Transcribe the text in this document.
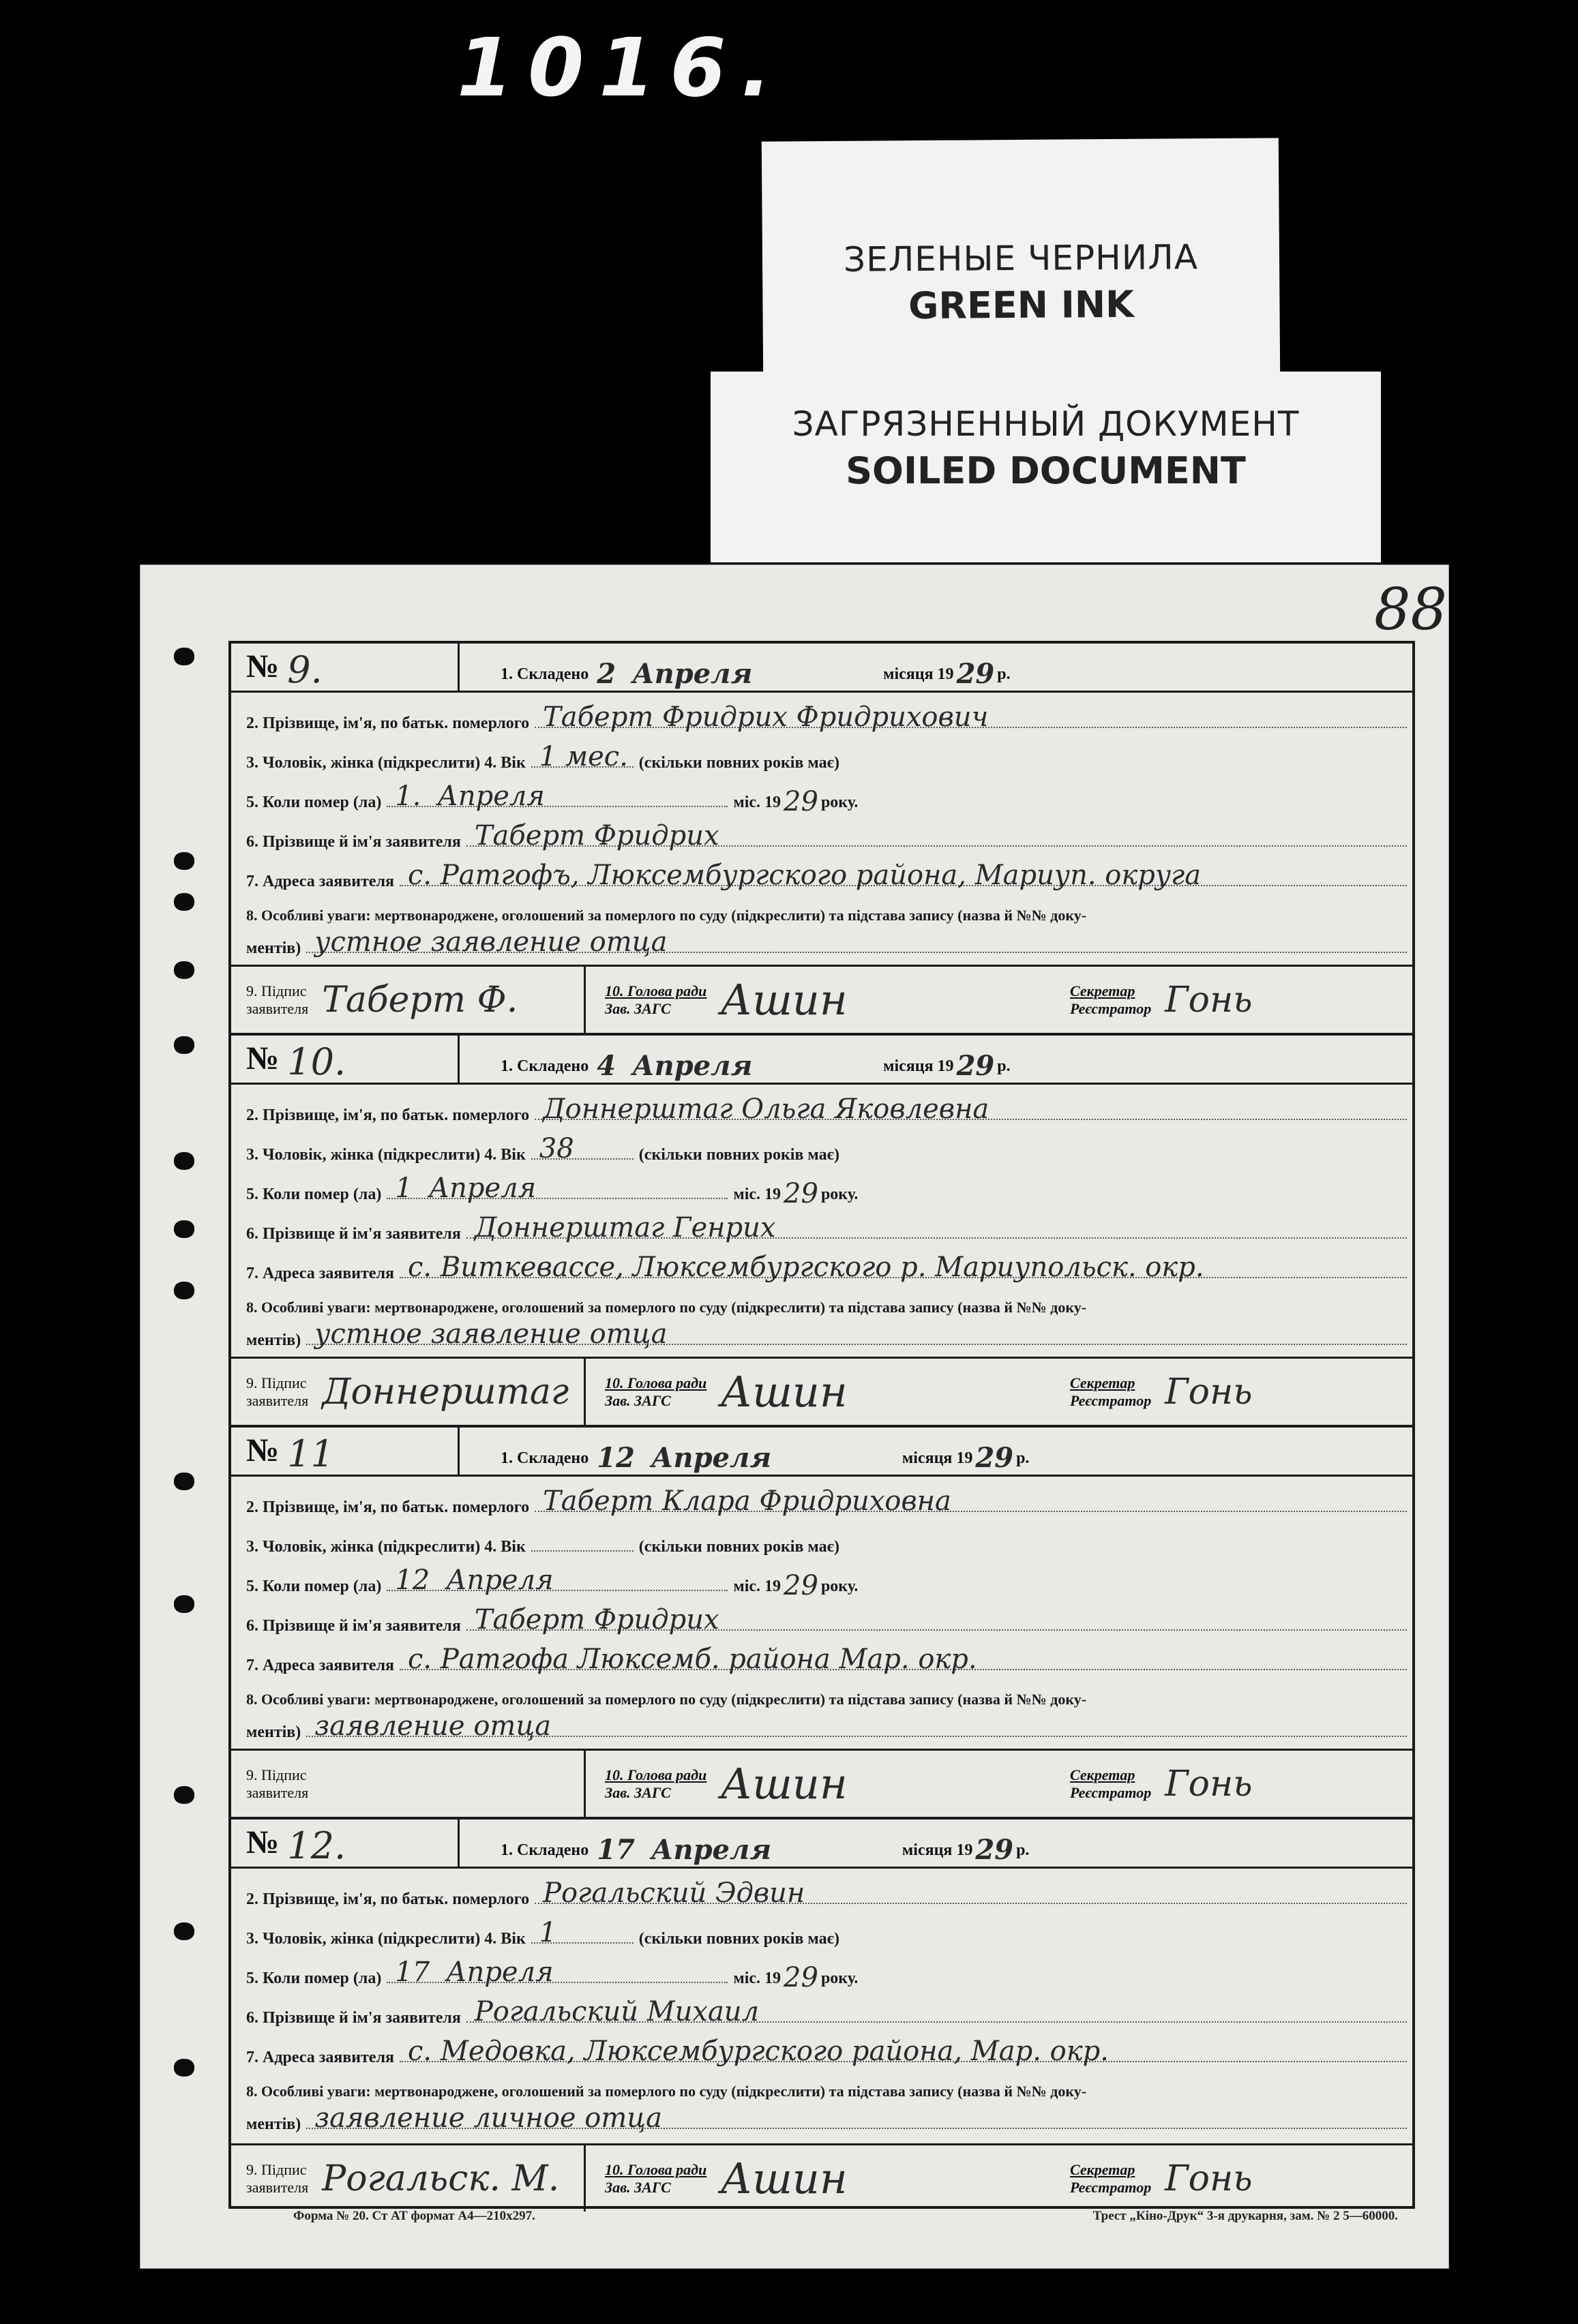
1016.
ЗЕЛЕНЫЕ ЧЕРНИЛА
GREEN INK
ЗАГРЯЗНЕННЫЙ ДОКУМЕНТ
SOILED DOCUMENT
88
№ 9.	1. Складено 2 Апреля	місяця 19 29 р.
2. Прізвище, ім'я, по батьк. померлого Таберт Фридрих Фридрихович
3. Чоловік, жінка (підкреслити) 4. Вік 1 мес. (скільки повних років має)
5. Коли помер (ла) 1. Апреля	міс. 19 29 року.
6. Прізвище й ім'я заявителя Таберт Фридрих
7. Адреса заявителя с. Ратгофъ, Люксембургского района, Мариуп. округа
8. Особливі уваги: мертвонароджене, оголошений за померлого по суду (підкреслити) та підстава запису (назва й №№ доку-
ментів) устное заявление отца
9. Підпис
заявителя Таберт Ф.	10. Голова ради
Зав. ЗАГС	Ашин	Секретар
Реєстратор Гонь
№ 10.	1. Складено 4 Апреля	місяця 19 29 р.
2. Прізвище, ім'я, по батьк. померлого Доннерштаг Ольга Яковлевна
3. Чоловік, жінка (підкреслити) 4. Вік 38	(скільки повних років має)
5. Коли помер (ла) 1 Апреля	міс. 19 29 року.
6. Прізвище й ім'я заявителя Доннерштаг Генрих
7. Адреса заявителя с. Виткевассе, Люксембургского р. Мариупольск. окр.
8. Особливі уваги: мертвонароджене, оголошений за померлого по суду (підкреслити) та підстава запису (назва й №№ доку-
ментів) устное заявление отца
9. Підпис
заявителя Доннерштаг 10. Голова ради
Зав. ЗАГС	Ашин	Секретар
Реєстратор Гонь
№ 11	1. Складено 12 Апреля	місяця 19 29 р.
2. Прізвище, ім'я, по батьк. померлого Таберт Клара Фридриховна
3. Чоловік, жінка (підкреслити) 4. Вік	(скільки повних років має)
5. Коли помер (ла) 12 Апреля	міс. 19 29 року.
6. Прізвище й ім'я заявителя Таберт Фридрих
7. Адреса заявителя с. Ратгофа Люксемб. района Мар. окр.
8. Особливі уваги: мертвонароджене, оголошений за померлого по суду (підкреслити) та підстава запису (назва й №№ доку-
ментів) заявление отца
9. Підпис
заявителя
10. Голова ради
Зав. ЗАГС	Ашин	Секретар
Реєстратор Гонь
№ 12.	1. Складено 17 Апреля	місяця 19 29 р.
2. Прізвище, ім'я, по батьк. померлого Рогальский Эдвин
3. Чоловік, жінка (підкреслити) 4. Вік 1	(скільки повних років має)
5. Коли помер (ла) 17 Апреля	міс. 19 29 року.
6. Прізвище й ім'я заявителя Рогальский Михаил
7. Адреса заявителя с. Медовка, Люксембургского района, Мар. окр.
8. Особливі уваги: мертвонароджене, оголошений за померлого по суду (підкреслити) та підстава запису (назва й №№ доку-
ментів) заявление личное отца
9. Підпис
заявителя Рогальск. М.	10. Голова ради
Зав. ЗАГС	Ашин	Секретар
Реєстратор Гонь
Форма № 20. Ст АТ формат А4—210х297.	Трест „Кіно-Друк“ 3-я друкарня, зам. № 2 5—60000.
